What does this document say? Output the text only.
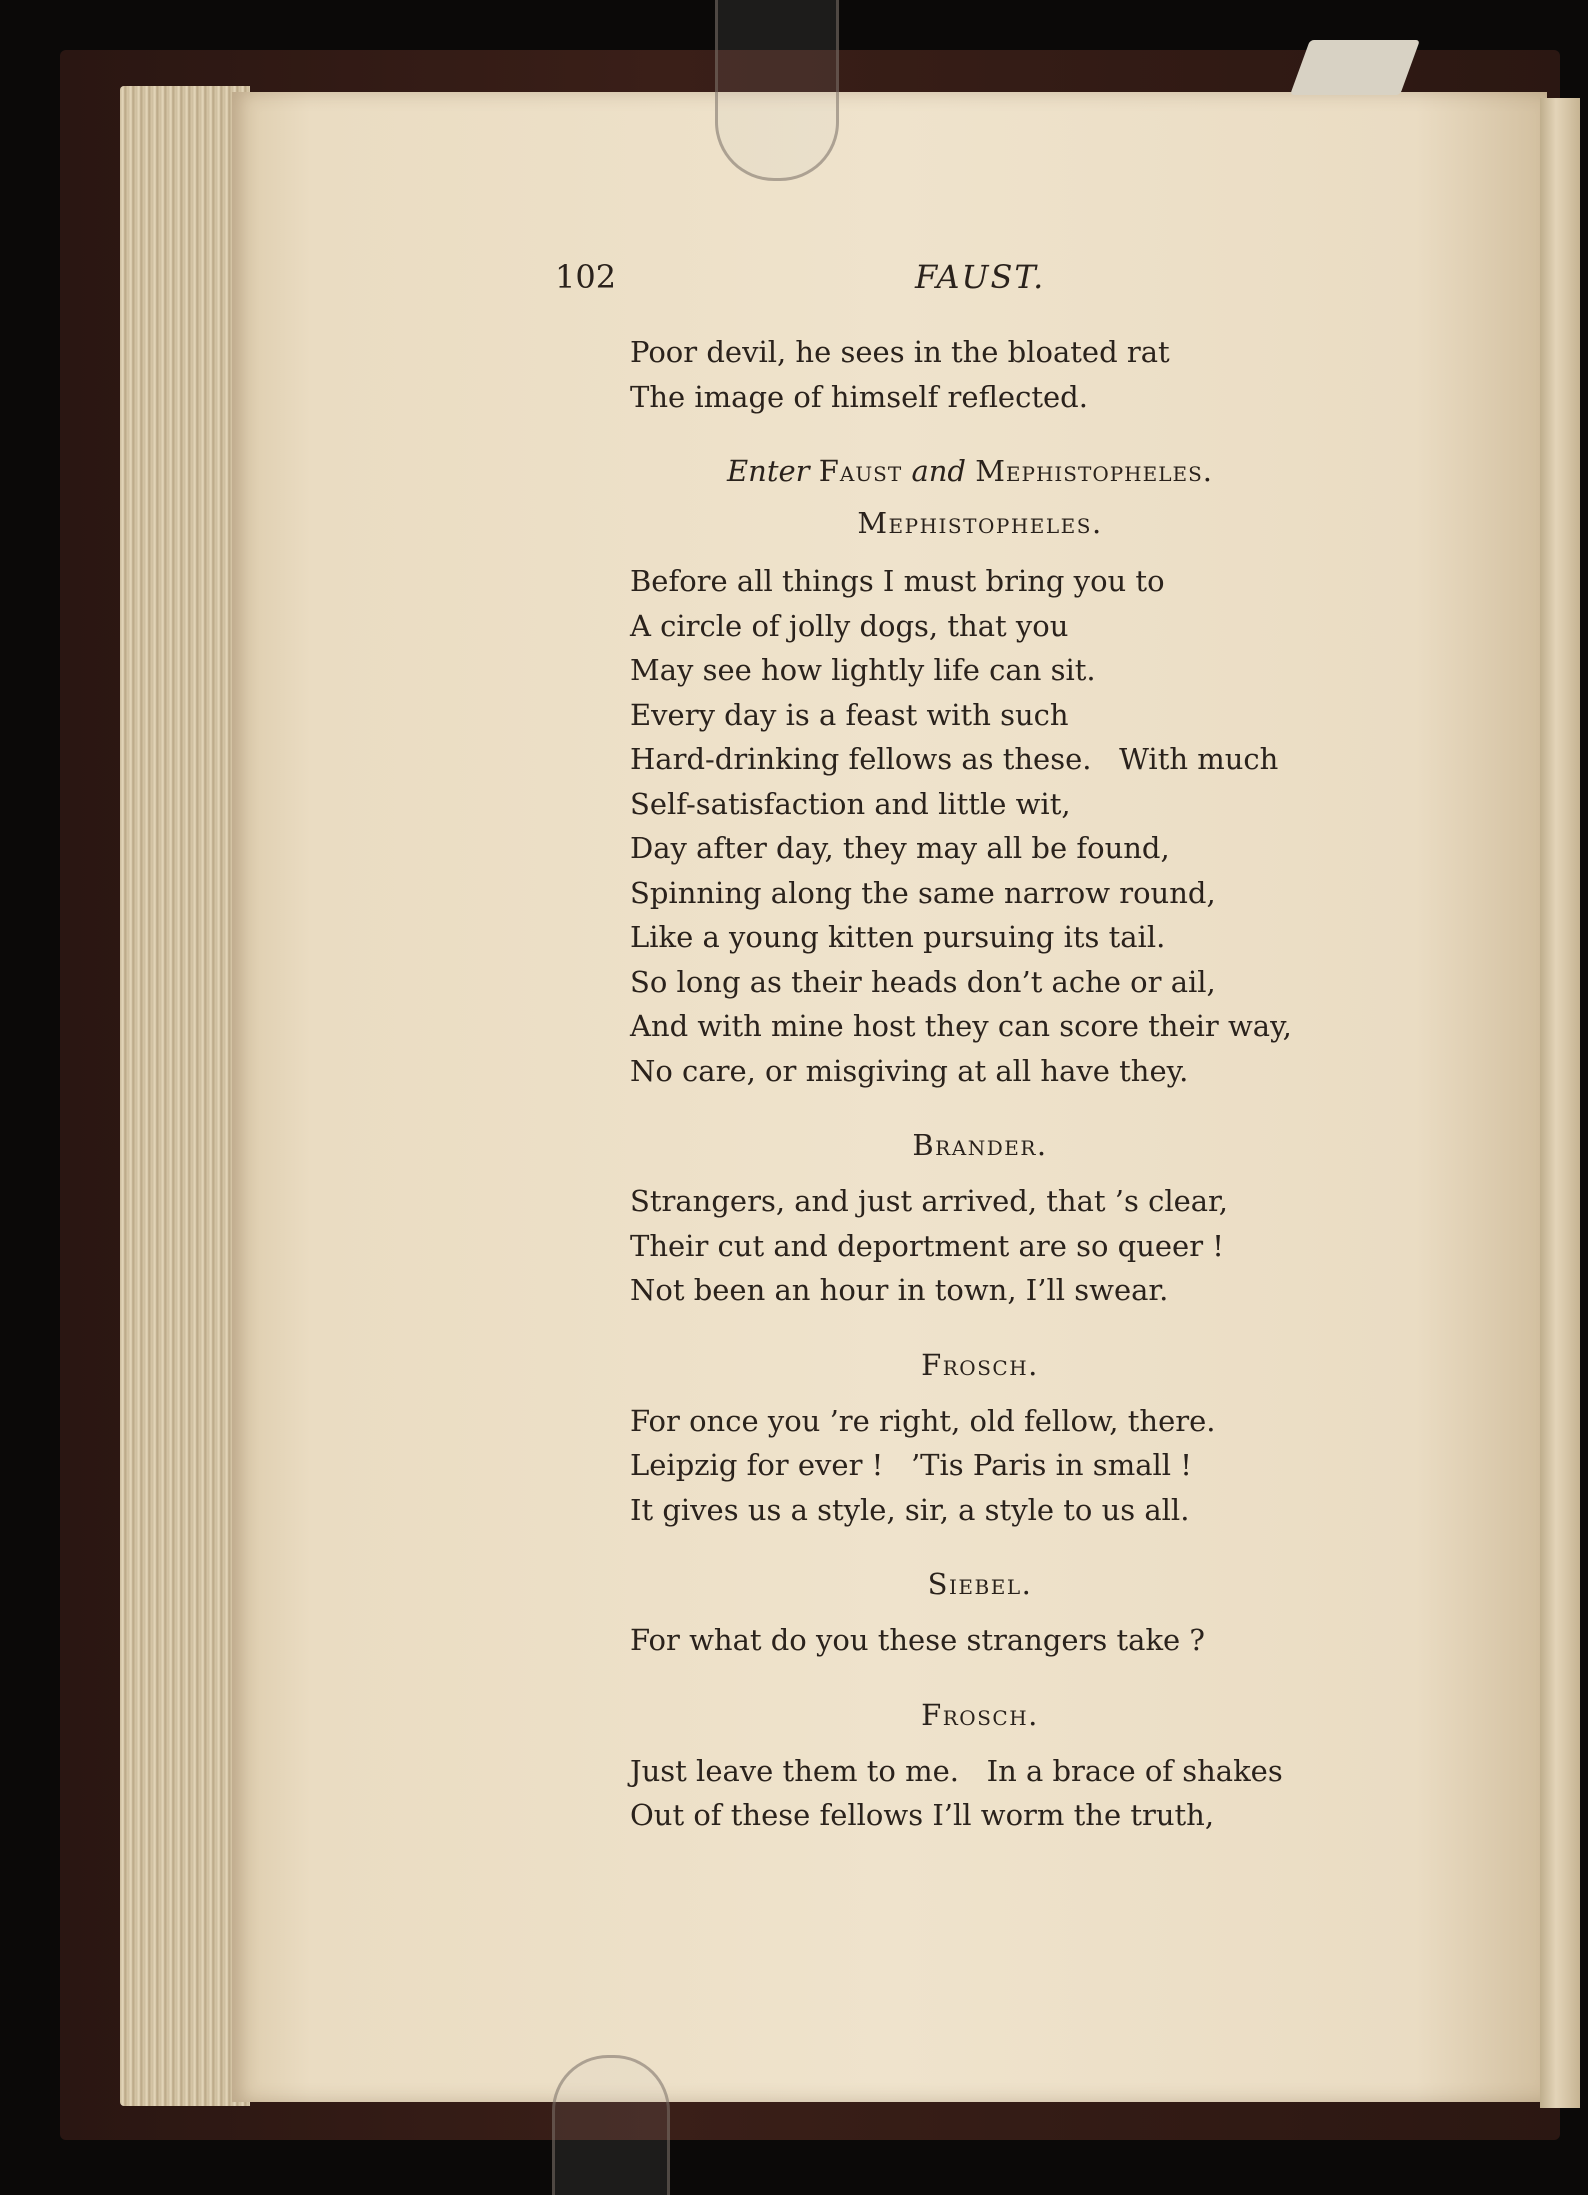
102	FAUST.
Poor devil, he sees in the bloated rat
The image of himself reflected.
Enter Faust and Mephistopheles.
Mephistopheles.
Before all things I must bring you to
A circle of jolly dogs, that you
May see how lightly life can sit.
Every day is a feast with such
Hard-drinking fellows as these.   With much
Self-satisfaction and little wit,
Day after day, they may all be found,
Spinning along the same narrow round,
Like a young kitten pursuing its tail.
So long as their heads don’t ache or ail,
And with mine host they can score their way,
No care, or misgiving at all have they.
Brander.
Strangers, and just arrived, that ’s clear,
Their cut and deportment are so queer !
Not been an hour in town, I’ll swear.
Frosch.
For once you ’re right, old fellow, there.
Leipzig for ever !   ’Tis Paris in small !
It gives us a style, sir, a style to us all.
Siebel.
For what do you these strangers take ?
Frosch.
Just leave them to me.   In a brace of shakes
Out of these fellows I’ll worm the truth,
